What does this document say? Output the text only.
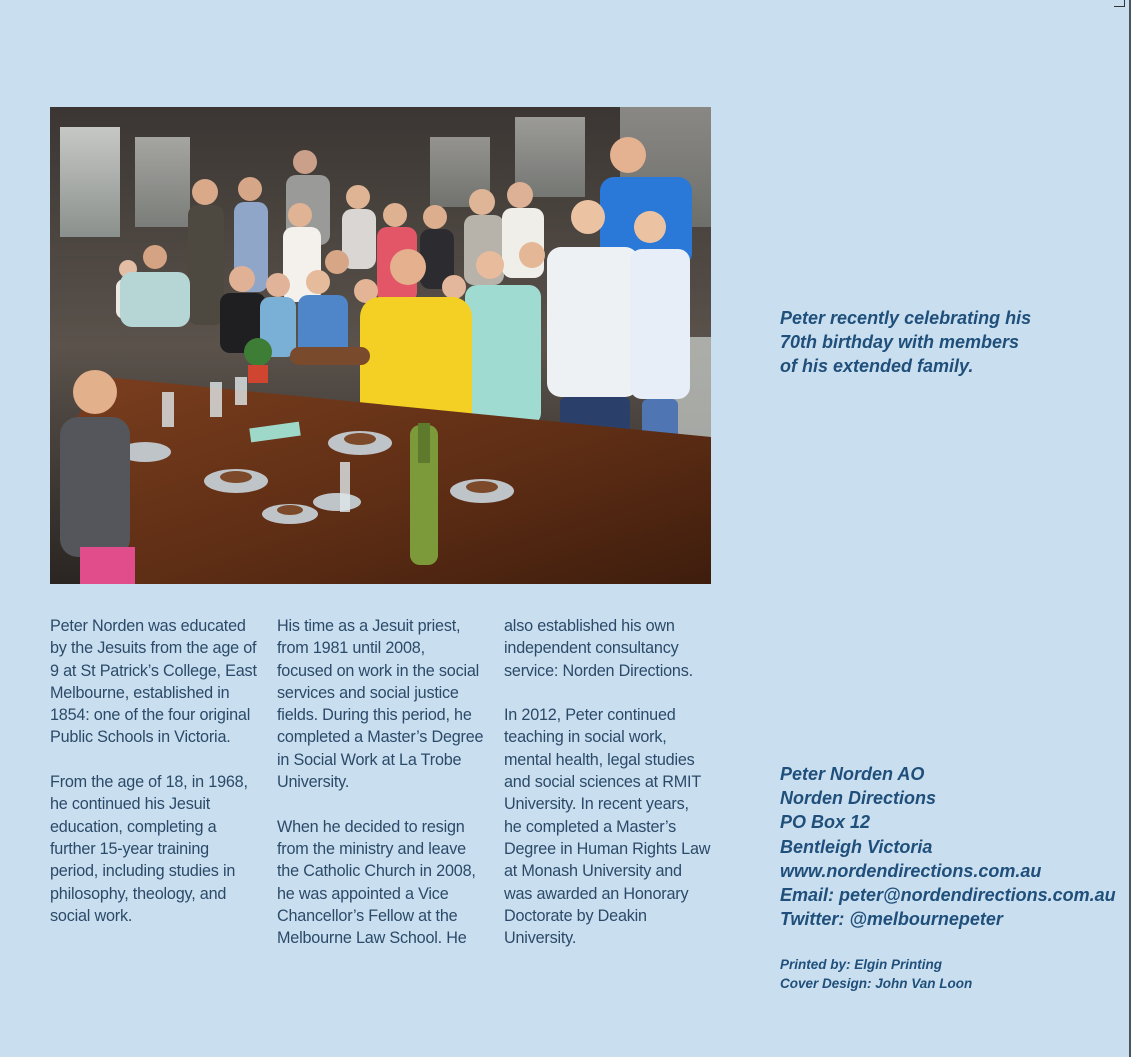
Peter recently celebrating his
70th birthday with members
of his extended family.

Peter Norden was educated
by the Jesuits from the age of
9 at St Patrick’s College, East
Melbourne, established in
1854: one of the four original
Public Schools in Victoria.

From the age of 18, in 1968,
he continued his Jesuit
education, completing a
further 15-year training
period, including studies in
philosophy, theology, and
social work.

His time as a Jesuit priest,
from 1981 until 2008,
focused on work in the social
services and social justice
fields. During this period, he
completed a Master’s Degree
in Social Work at La Trobe
University.

When he decided to resign
from the ministry and leave
the Catholic Church in 2008,
he was appointed a Vice
Chancellor’s Fellow at the
Melbourne Law School. He

also established his own
independent consultancy
service: Norden Directions.

In 2012, Peter continued
teaching in social work,
mental health, legal studies
and social sciences at RMIT
University. In recent years,
he completed a Master’s
Degree in Human Rights Law
at Monash University and
was awarded an Honorary
Doctorate by Deakin
University.

Peter Norden AO
Norden Directions
PO Box 12
Bentleigh Victoria
www.nordendirections.com.au
Email: peter@nordendirections.com.au
Twitter: @melbournepeter
Printed by: Elgin Printing
Cover Design: John Van Loon
